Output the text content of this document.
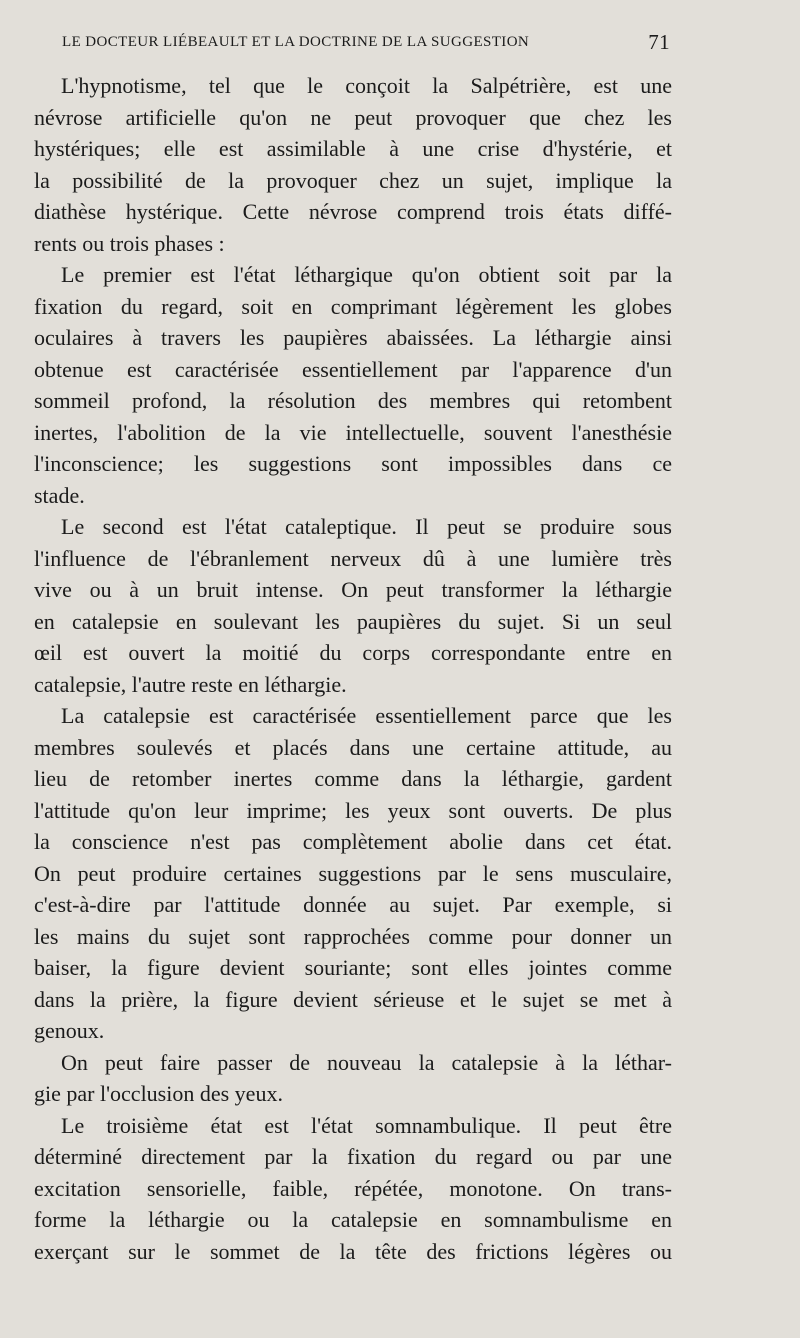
LE DOCTEUR LIÉBEAULT ET LA DOCTRINE DE LA SUGGESTION	71
L'hypnotisme, tel que le conçoit la Salpétrière, est une
névrose artificielle qu'on ne peut provoquer que chez les
hystériques; elle est assimilable à une crise d'hystérie, et
la possibilité de la provoquer chez un sujet, implique la
diathèse hystérique. Cette névrose comprend trois états diffé-
rents ou trois phases :
Le premier est l'état léthargique qu'on obtient soit par la
fixation du regard, soit en comprimant légèrement les globes
oculaires à travers les paupières abaissées. La léthargie ainsi
obtenue est caractérisée essentiellement par l'apparence d'un
sommeil profond, la résolution des membres qui retombent
inertes, l'abolition de la vie intellectuelle, souvent l'anesthésie
l'inconscience; les suggestions sont impossibles dans ce
stade.
Le second est l'état cataleptique. Il peut se produire sous
l'influence de l'ébranlement nerveux dû à une lumière très
vive ou à un bruit intense. On peut transformer la léthargie
en catalepsie en soulevant les paupières du sujet. Si un seul
œil est ouvert la moitié du corps correspondante entre en
catalepsie, l'autre reste en léthargie.
La catalepsie est caractérisée essentiellement parce que les
membres soulevés et placés dans une certaine attitude, au
lieu de retomber inertes comme dans la léthargie, gardent
l'attitude qu'on leur imprime; les yeux sont ouverts. De plus
la conscience n'est pas complètement abolie dans cet état.
On peut produire certaines suggestions par le sens musculaire,
c'est-à-dire par l'attitude donnée au sujet. Par exemple, si
les mains du sujet sont rapprochées comme pour donner un
baiser, la figure devient souriante; sont elles jointes comme
dans la prière, la figure devient sérieuse et le sujet se met à
genoux.
On peut faire passer de nouveau la catalepsie à la léthar-
gie par l'occlusion des yeux.
Le troisième état est l'état somnambulique. Il peut être
déterminé directement par la fixation du regard ou par une
excitation sensorielle, faible, répétée, monotone. On trans-
forme la léthargie ou la catalepsie en somnambulisme en
exerçant sur le sommet de la tête des frictions légères ou
